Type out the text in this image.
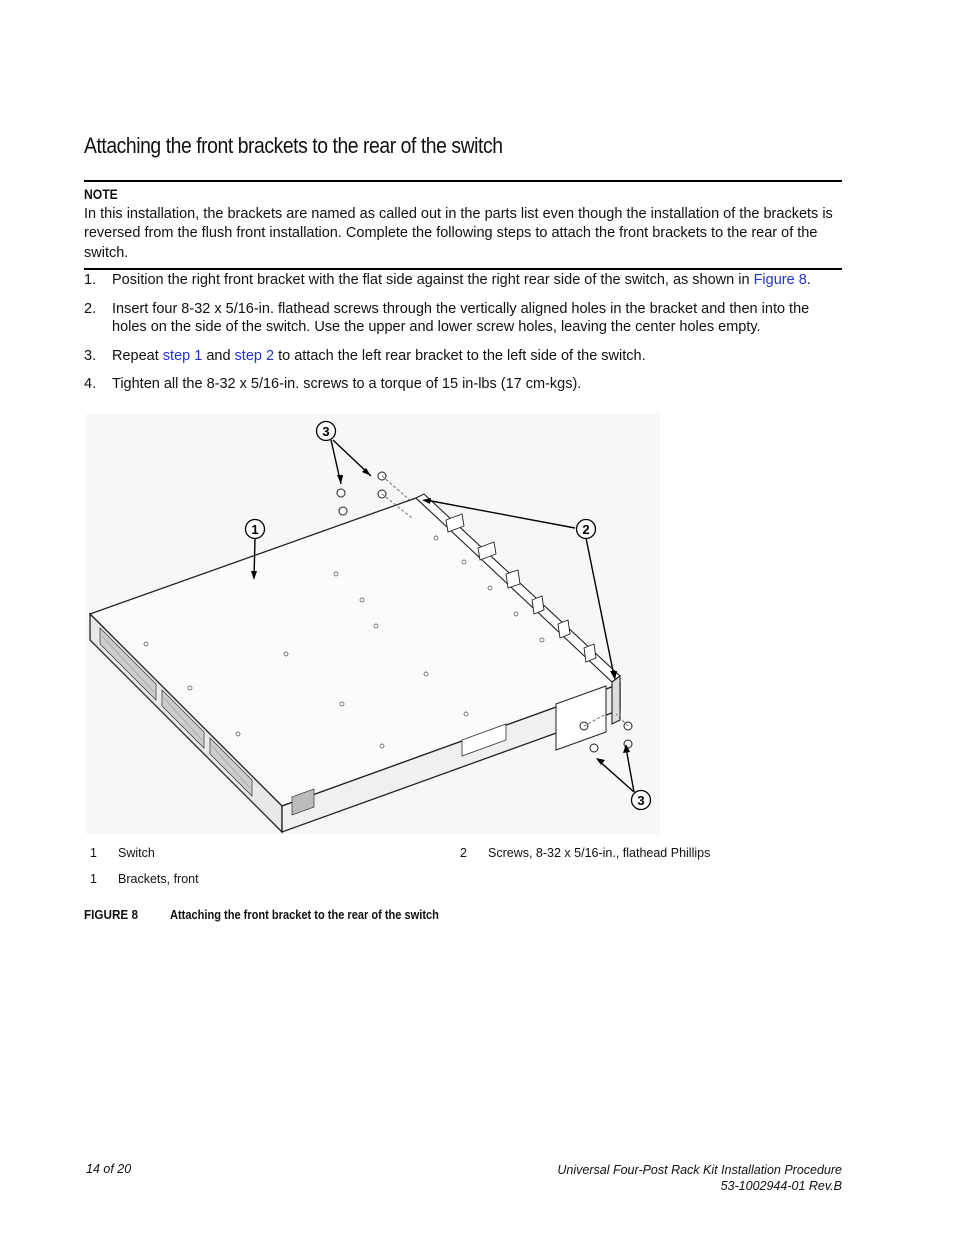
Attaching the front brackets to the rear of the switch
NOTE
In this installation, the brackets are named as called out in the parts list even though the installation of the brackets is reversed from the flush front installation. Complete the following steps to attach the front brackets to the rear of the switch.
1. Position the right front bracket with the flat side against the right rear side of the switch, as shown in Figure 8.
2. Insert four 8-32 x 5/16-in. flathead screws through the vertically aligned holes in the bracket and then into the holes on the side of the switch. Use the upper and lower screw holes, leaving the center holes empty.
3. Repeat step 1 and step 2 to attach the left rear bracket to the left side of the switch.
4. Tighten all the 8-32 x 5/16-in. screws to a torque of 15 in-lbs (17 cm-kgs).
3
1	2
3
1 Switch	2 Screws, 8-32 x 5/16-in., flathead Phillips
1 Brackets, front
FIGURE 8 Attaching the front bracket to the rear of the switch
14 of 20	Universal Four-Post Rack Kit Installation Procedure
53-1002944-01 Rev.B
